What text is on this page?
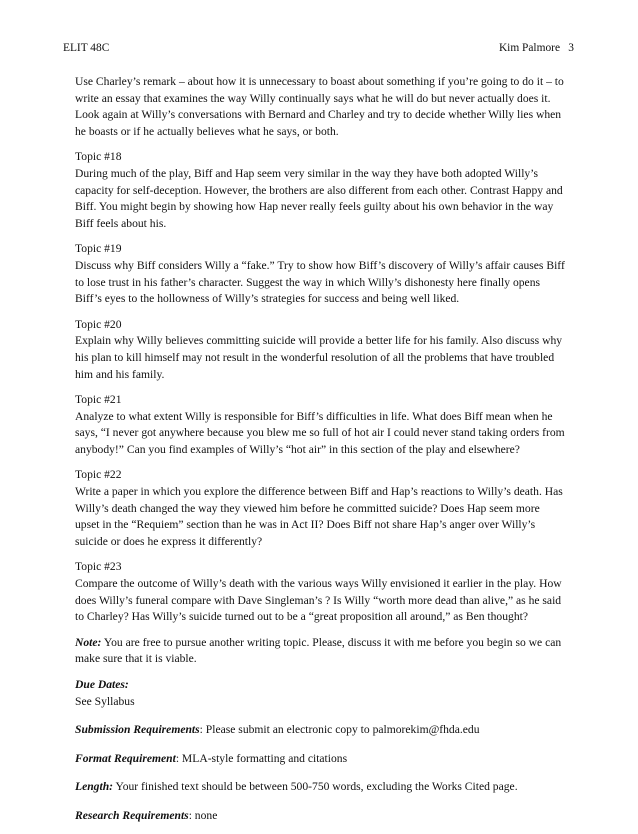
ELIT 48C	Kim Palmore 3

Use Charley’s remark – about how it is unnecessary to boast about something if you’re going to do it – to write an essay that examines the way Willy continually says what he will do but never actually does it. Look again at Willy’s conversations with Bernard and Charley and try to decide whether Willy lies when he boasts or if he actually believes what he says, or both.

Topic #18
During much of the play, Biff and Hap seem very similar in the way they have both adopted Willy’s capacity for self-deception. However, the brothers are also different from each other. Contrast Happy and Biff. You might begin by showing how Hap never really feels guilty about his own behavior in the way Biff feels about his.
Topic #19
Discuss why Biff considers Willy a “fake.” Try to show how Biff’s discovery of Willy’s affair causes Biff to lose trust in his father’s character. Suggest the way in which Willy’s dishonesty here finally opens Biff’s eyes to the hollowness of Willy’s strategies for success and being well liked.
Topic #20
Explain why Willy believes committing suicide will provide a better life for his family. Also discuss why his plan to kill himself may not result in the wonderful resolution of all the problems that have troubled him and his family.
Topic #21
Analyze to what extent Willy is responsible for Biff’s difficulties in life. What does Biff mean when he says, “I never got anywhere because you blew me so full of hot air I could never stand taking orders from anybody!” Can you find examples of Willy’s “hot air” in this section of the play and elsewhere?
Topic #22
Write a paper in which you explore the difference between Biff and Hap’s reactions to Willy’s death. Has Willy’s death changed the way they viewed him before he committed suicide? Does Hap seem more upset in the “Requiem” section than he was in Act II? Does Biff not share Hap’s anger over Willy’s suicide or does he express it differently?
Topic #23
Compare the outcome of Willy’s death with the various ways Willy envisioned it earlier in the play. How does Willy’s funeral compare with Dave Singleman’s ? Is Willy “worth more dead than alive,” as he said to Charley? Has Willy’s suicide turned out to be a “great proposition all around,” as Ben thought?

Note: You are free to pursue another writing topic. Please, discuss it with me before you begin so we can make sure that it is viable.

Due Dates:
See Syllabus

Submission Requirements: Please submit an electronic copy to palmorekim@fhda.edu

Format Requirement: MLA-style formatting and citations

Length: Your finished text should be between 500-750 words, excluding the Works Cited page.

Research Requirements: none
